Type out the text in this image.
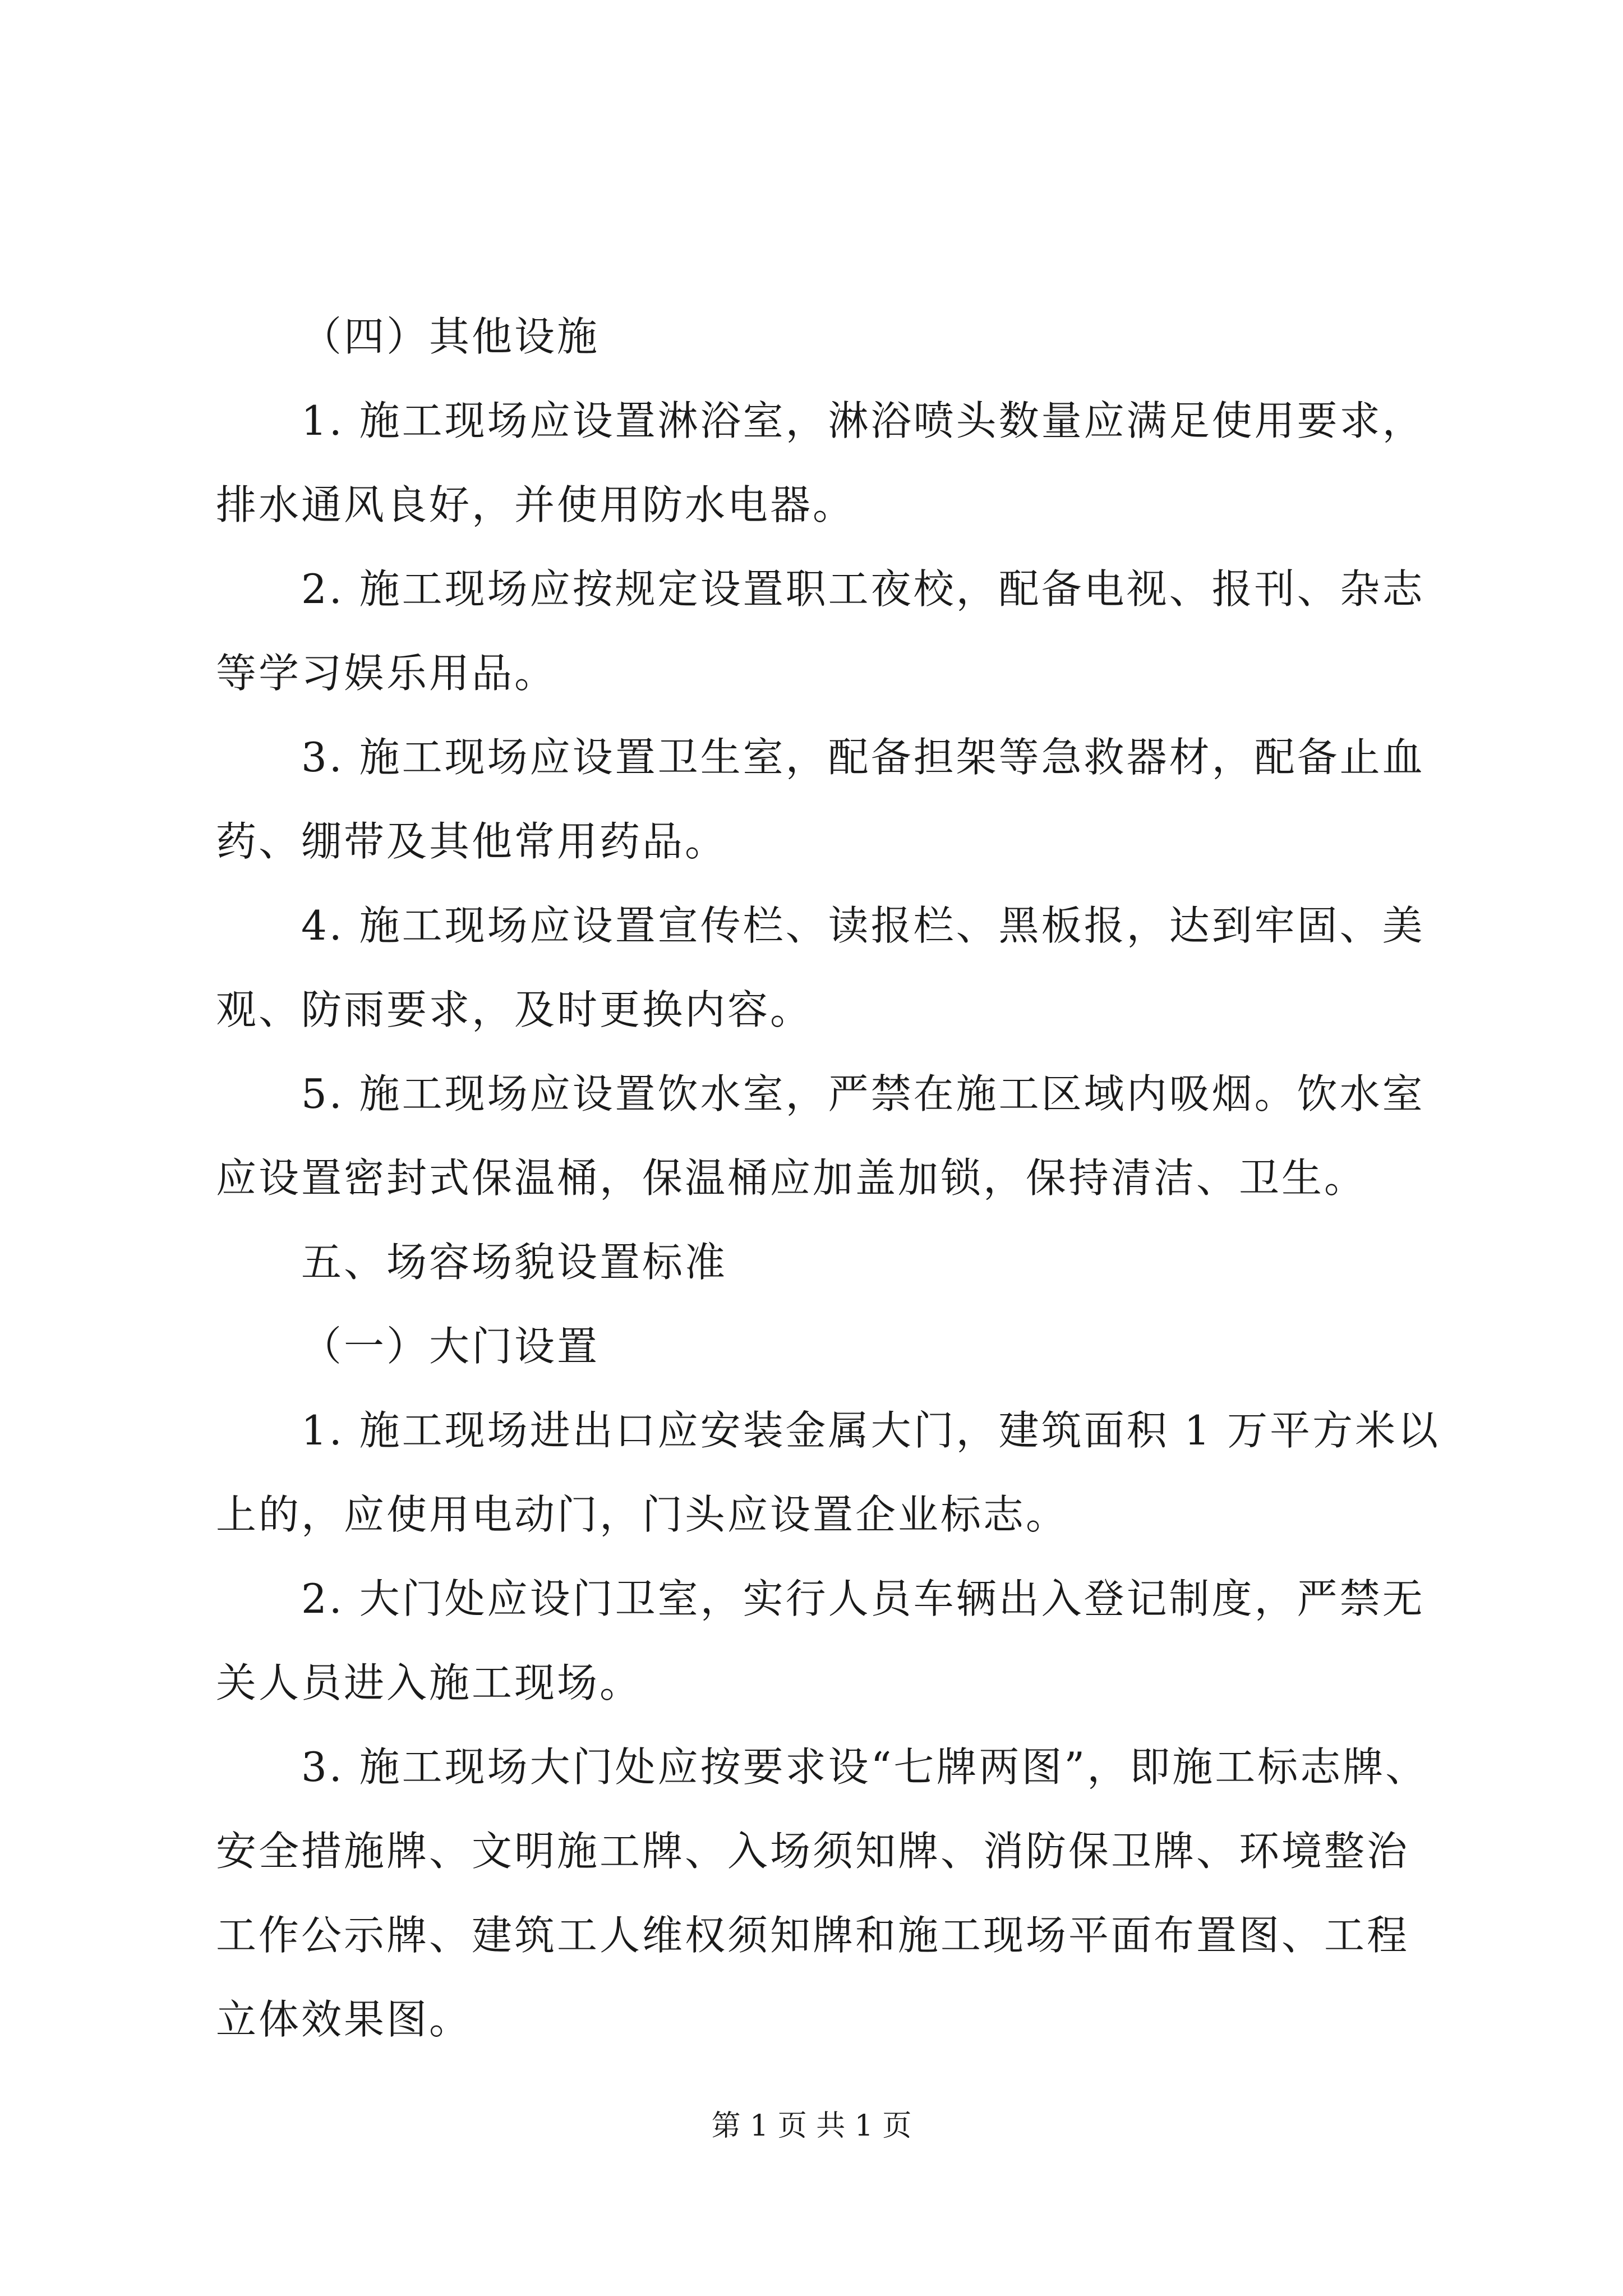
（四）其他设施
1. 施工现场应设置淋浴室，淋浴喷头数量应满足使用要求，
排水通风良好，并使用防水电器。
2. 施工现场应按规定设置职工夜校，配备电视、报刊、杂志
等学习娱乐用品。
3. 施工现场应设置卫生室，配备担架等急救器材，配备止血
药、绷带及其他常用药品。
4. 施工现场应设置宣传栏、读报栏、黑板报，达到牢固、美
观、防雨要求，及时更换内容。
5. 施工现场应设置饮水室，严禁在施工区域内吸烟。饮水室
应设置密封式保温桶，保温桶应加盖加锁，保持清洁、卫生。
五、场容场貌设置标准
（一）大门设置
1. 施工现场进出口应安装金属大门，建筑面积 1 万平方米以
上的，应使用电动门，门头应设置企业标志。
2. 大门处应设门卫室，实行人员车辆出入登记制度，严禁无
关人员进入施工现场。
3. 施工现场大门处应按要求设“七牌两图”，即施工标志牌、
安全措施牌、文明施工牌、入场须知牌、消防保卫牌、环境整治
工作公示牌、建筑工人维权须知牌和施工现场平面布置图、工程
立体效果图。
第 1 页 共 1 页
